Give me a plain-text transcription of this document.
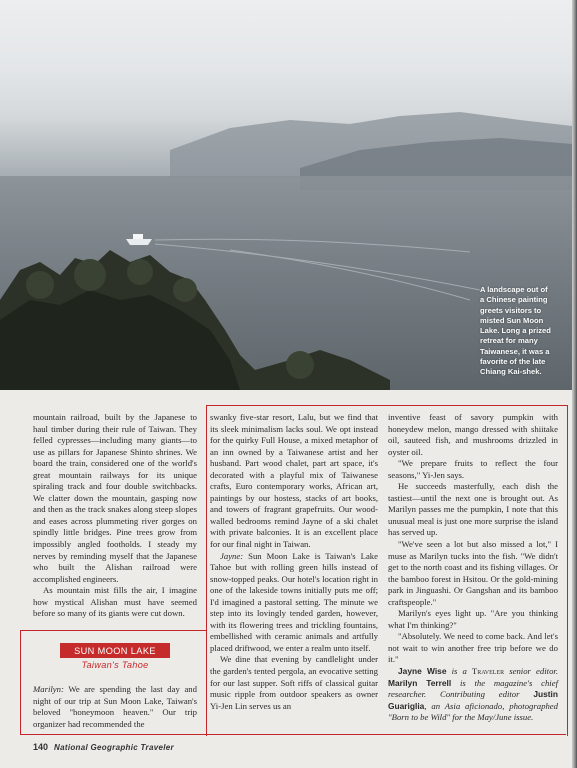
A landscape out of
a Chinese painting
greets visitors to
misted Sun Moon
Lake. Long a prized
retreat for many
Taiwanese, it was a
favorite of the late
Chiang Kai-shek.

mountain railroad, built by the Japanese to haul timber during their rule of Taiwan. They felled cypresses—including many giants—to use as pillars for Japanese Shinto shrines. We board the train, considered one of the world's great mountain railways for its unique spiraling track and four double switchbacks. We clatter down the mountain, gasping now and then as the track snakes along steep slopes and eases across plummeting river gorges on spindly little bridges. Pine trees grow from impossibly angled footholds. I steady my nerves by reminding myself that the Japanese who built the Alishan railroad were accomplished engineers.

As mountain mist fills the air, I imagine how mystical Alishan must have seemed before so many of its giants were cut down.

SUN MOON LAKE
Taiwan's Tahoe

Marilyn: We are spending the last day and night of our trip at Sun Moon Lake, Taiwan's beloved "honeymoon heaven." Our trip organizer had recommended the

swanky five-star resort, Lalu, but we find that its sleek minimalism lacks soul. We opt instead for the quirky Full House, a mixed metaphor of an inn owned by a Taiwanese artist and her husband. Part wood chalet, part art space, it's decorated with a playful mix of Taiwanese crafts, Euro contemporary works, African art, paintings by our hostess, stacks of art books, and towers of fragrant grapefruits. Our wood-walled bedrooms remind Jayne of a ski chalet with private balconies. It is an excellent place for our final night in Taiwan.

Jayne: Sun Moon Lake is Taiwan's Lake Tahoe but with rolling green hills instead of snow-topped peaks. Our hotel's location right in one of the lakeside towns initially puts me off; I'd imagined a pastoral setting. The minute we step into its lovingly tended garden, however, with its flowering trees and trickling fountains, embellished with ceramic animals and artfully placed driftwood, we enter a realm unto itself.

We dine that evening by candlelight under the garden's tented pergola, an evocative setting for our last supper. Soft riffs of classical guitar music ripple from outdoor speakers as owner Yi-Jen Lin serves us an

inventive feast of savory pumpkin with honeydew melon, mango dressed with shiitake oil, sauteed fish, and mushrooms drizzled in oyster oil.

"We prepare fruits to reflect the four seasons," Yi-Jen says.

He succeeds masterfully, each dish the tastiest—until the next one is brought out. As Marilyn passes me the pumpkin, I note that this unusual meal is just one more surprise the island has served up.

"We've seen a lot but also missed a lot," I muse as Marilyn tucks into the fish. "We didn't get to the north coast and its fishing villages. Or the bamboo forest in Hsitou. Or the gold-mining park in Jinguashi. Or Gangshan and its bamboo craftspeople."

Marilyn's eyes light up. "Are you thinking what I'm thinking?"

"Absolutely. We need to come back. And let's not wait to win another free trip before we do it."

Jayne Wise is a Traveler senior editor. Marilyn Terrell is the magazine's chief researcher. Contributing editor Justin Guariglia, an Asia aficionado, photographed "Born to be Wild" for the May/June issue.

140 National Geographic Traveler
